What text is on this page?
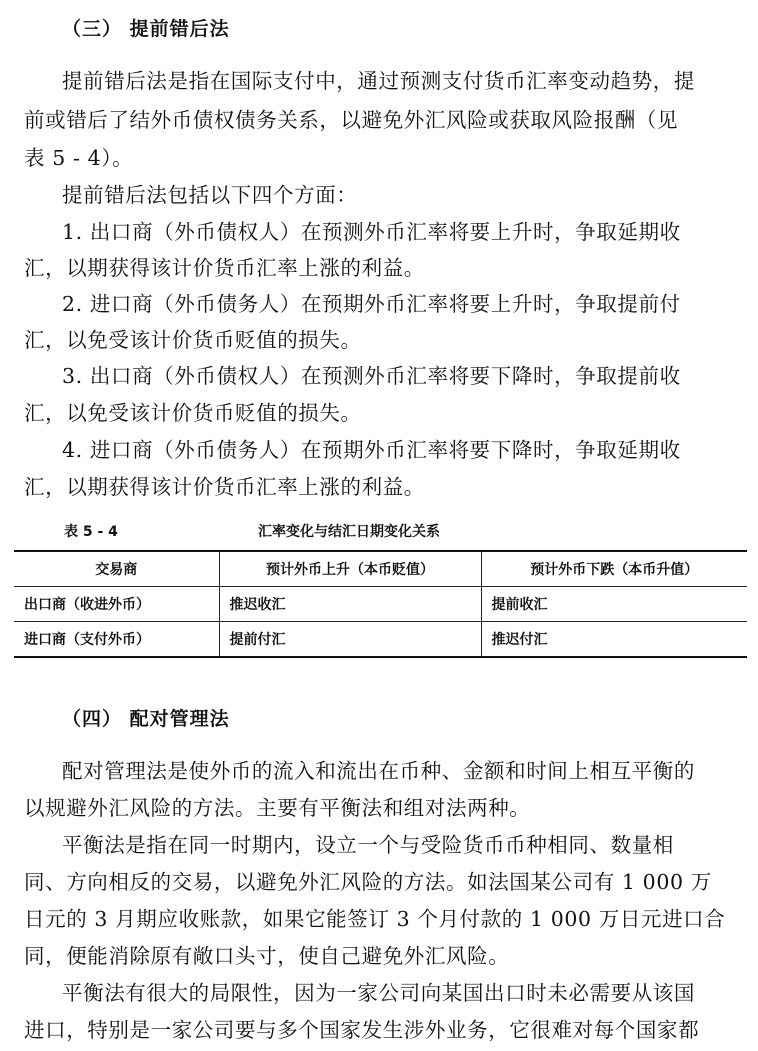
（三） 提前错后法
提前错后法是指在国际支付中，通过预测支付货币汇率变动趋势，提
前或错后了结外币债权债务关系，以避免外汇风险或获取风险报酬（见
表 5 - 4）。
提前错后法包括以下四个方面：
1. 出口商（外币债权人）在预测外币汇率将要上升时，争取延期收
汇，以期获得该计价货币汇率上涨的利益。
2. 进口商（外币债务人）在预期外币汇率将要上升时，争取提前付
汇，以免受该计价货币贬值的损失。
3. 出口商（外币债权人）在预测外币汇率将要下降时，争取提前收
汇，以免受该计价货币贬值的损失。
4. 进口商（外币债务人）在预期外币汇率将要下降时，争取延期收
汇，以期获得该计价货币汇率上涨的利益。
表 5 - 4	汇率变化与结汇日期变化关系
交易商	预计外币上升（本币贬值）	预计外币下跌（本币升值）
出口商（收进外币）	推迟收汇	提前收汇
进口商（支付外币）	提前付汇	推迟付汇
（四） 配对管理法
配对管理法是使外币的流入和流出在币种、金额和时间上相互平衡的
以规避外汇风险的方法。主要有平衡法和组对法两种。
平衡法是指在同一时期内，设立一个与受险货币币种相同、数量相
同、方向相反的交易，以避免外汇风险的方法。如法国某公司有 1 000 万
日元的 3 月期应收账款，如果它能签订 3 个月付款的 1 000 万日元进口合
同，便能消除原有敞口头寸，使自己避免外汇风险。
平衡法有很大的局限性，因为一家公司向某国出口时未必需要从该国
进口，特别是一家公司要与多个国家发生涉外业务，它很难对每个国家都
